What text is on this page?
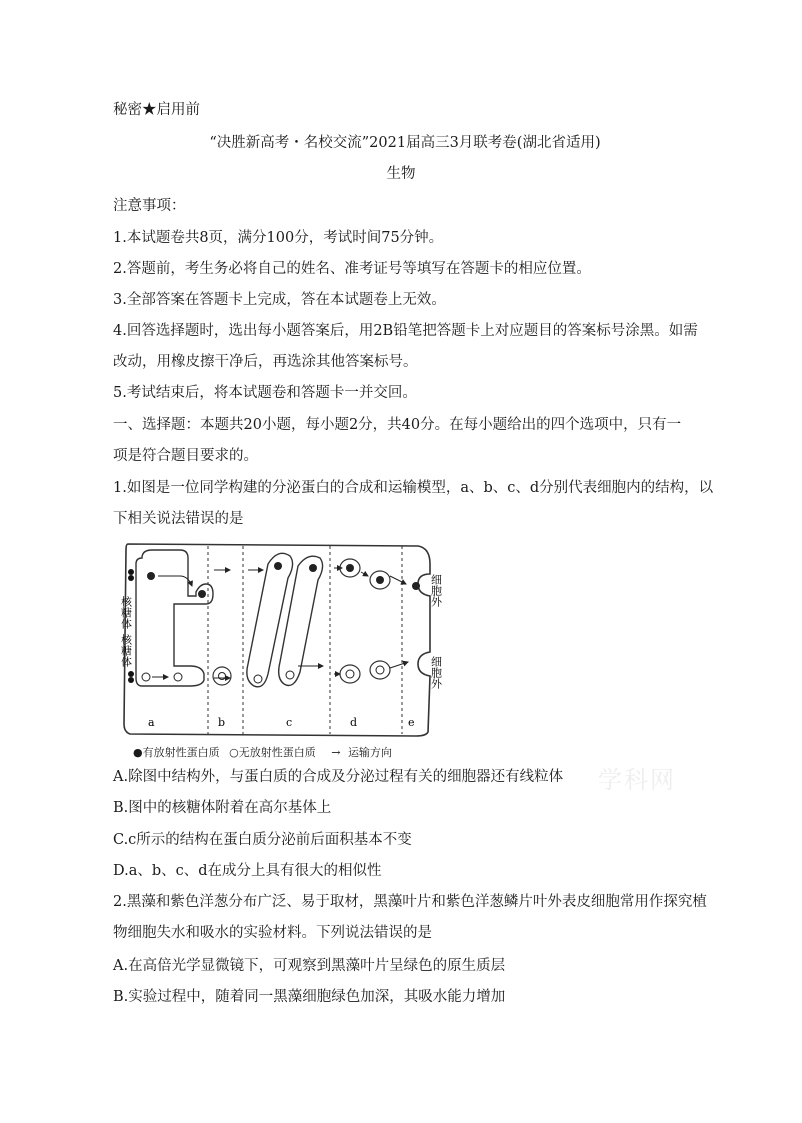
秘密★启用前
“决胜新高考・名校交流”2021届高三3月联考卷(湖北省适用)
生物
注意事项：
1.本试题卷共8页，满分100分，考试时间75分钟。
2.答题前，考生务必将自己的姓名、准考证号等填写在答题卡的相应位置。
3.全部答案在答题卡上完成，答在本试题卷上无效。
4.回答选择题时，选出每小题答案后，用2B铅笔把答题卡上对应题目的答案标号涂黑。如需
改动，用橡皮擦干净后，再选涂其他答案标号。
5.考试结束后，将本试题卷和答题卡一并交回。
一、选择题：本题共20小题，每小题2分，共40分。在每小题给出的四个选项中，只有一
项是符合题目要求的。
1.如图是一位同学构建的分泌蛋白的合成和运输模型，a、b、c、d分别代表细胞内的结构，以
下相关说法错误的是
核糖体
核糖体
细胞外
细胞外
a	b	c	d	e
●有放射性蛋白质 ○无放射性蛋白质 → 运输方向
学科网
A.除图中结构外，与蛋白质的合成及分泌过程有关的细胞器还有线粒体
B.图中的核糖体附着在高尔基体上
C.c所示的结构在蛋白质分泌前后面积基本不变
D.a、b、c、d在成分上具有很大的相似性
2.黑藻和紫色洋葱分布广泛、易于取材，黑藻叶片和紫色洋葱鳞片叶外表皮细胞常用作探究植
物细胞失水和吸水的实验材料。下列说法错误的是
A.在高倍光学显微镜下，可观察到黑藻叶片呈绿色的原生质层
B.实验过程中，随着同一黑藻细胞绿色加深，其吸水能力增加
